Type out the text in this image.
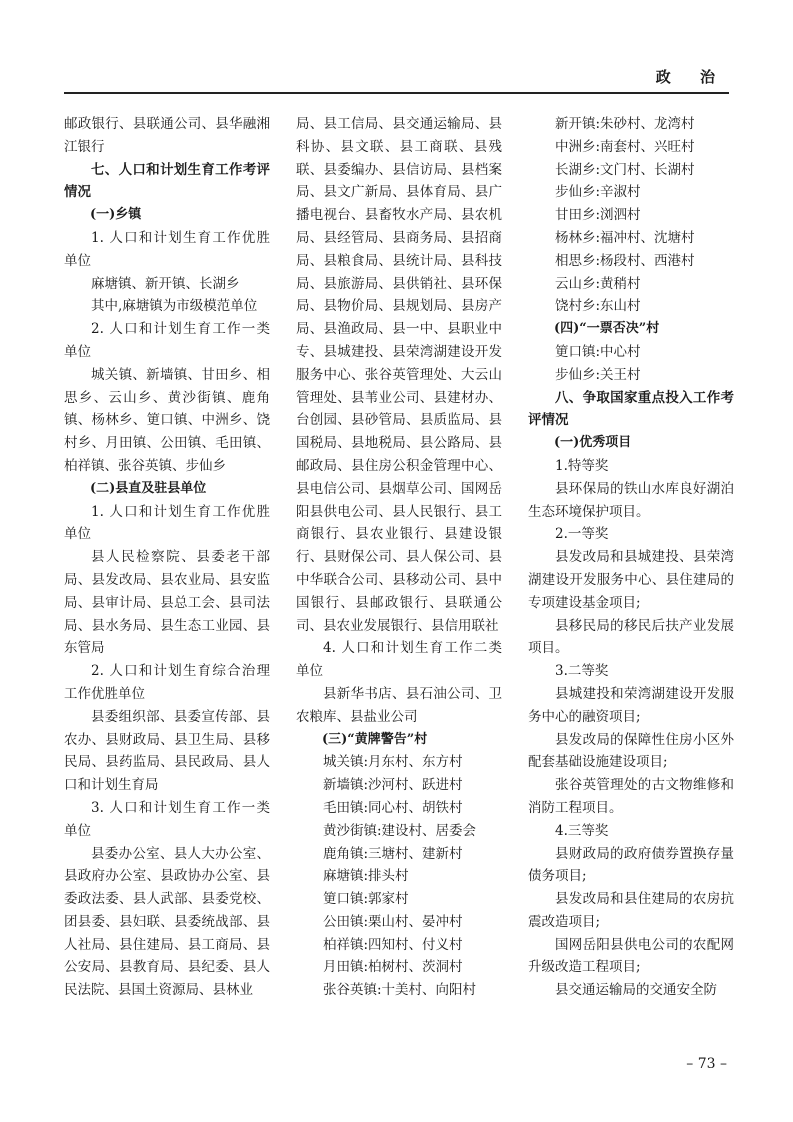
政 治

邮政银行、县联通公司、县华融湘江银行

七、人口和计划生育工作考评情况

(一)乡镇

1. 人口和计划生育工作优胜单位

麻塘镇、新开镇、长湖乡

其中,麻塘镇为市级模范单位

2. 人口和计划生育工作一类单位

城关镇、新墙镇、甘田乡、相思乡、云山乡、黄沙街镇、鹿角镇、杨林乡、筻口镇、中洲乡、饶村乡、月田镇、公田镇、毛田镇、柏祥镇、张谷英镇、步仙乡

(二)县直及驻县单位

1. 人口和计划生育工作优胜单位

县人民检察院、县委老干部局、县发改局、县农业局、县安监局、县审计局、县总工会、县司法局、县水务局、县生态工业园、县东管局

2. 人口和计划生育综合治理工作优胜单位

县委组织部、县委宣传部、县农办、县财政局、县卫生局、县移民局、县药监局、县民政局、县人口和计划生育局

3. 人口和计划生育工作一类单位

县委办公室、县人大办公室、县政府办公室、县政协办公室、县委政法委、县人武部、县委党校、团县委、县妇联、县委统战部、县人社局、县住建局、县工商局、县公安局、县教育局、县纪委、县人民法院、县国土资源局、县林业

局、县工信局、县交通运输局、县科协、县文联、县工商联、县残联、县委编办、县信访局、县档案局、县文广新局、县体育局、县广播电视台、县畜牧水产局、县农机局、县经管局、县商务局、县招商局、县粮食局、县统计局、县科技局、县旅游局、县供销社、县环保局、县物价局、县规划局、县房产局、县渔政局、县一中、县职业中专、县城建投、县荣湾湖建设开发服务中心、张谷英管理处、大云山管理处、县苇业公司、县建材办、台创园、县砂管局、县质监局、县国税局、县地税局、县公路局、县邮政局、县住房公积金管理中心、县电信公司、县烟草公司、国网岳阳县供电公司、县人民银行、县工商银行、县农业银行、县建设银行、县财保公司、县人保公司、县中华联合公司、县移动公司、县中国银行、县邮政银行、县联通公司、县农业发展银行、县信用联社

4. 人口和计划生育工作二类单位

县新华书店、县石油公司、卫农粮库、县盐业公司

(三)“黄牌警告”村

城关镇:月东村、东方村

新墙镇:沙河村、跃进村

毛田镇:同心村、胡铁村

黄沙街镇:建设村、居委会

鹿角镇:三塘村、建新村

麻塘镇:排头村

筻口镇:郭家村

公田镇:栗山村、晏冲村

柏祥镇:四知村、付义村

月田镇:柏树村、茨洞村

张谷英镇:十美村、向阳村

新开镇:朱砂村、龙湾村

中洲乡:南套村、兴旺村

长湖乡:文门村、长湖村

步仙乡:辛淑村

甘田乡:浏泗村

杨林乡:福冲村、沈塘村

相思乡:杨段村、西港村

云山乡:黄稍村

饶村乡:东山村

(四)“一票否决”村

筻口镇:中心村

步仙乡:关王村

八、争取国家重点投入工作考评情况

(一)优秀项目

1.特等奖

县环保局的铁山水库良好湖泊生态环境保护项目。

2.一等奖

县发改局和县城建投、县荣湾湖建设开发服务中心、县住建局的专项建设基金项目;

县移民局的移民后扶产业发展项目。

3.二等奖

县城建投和荣湾湖建设开发服务中心的融资项目;

县发改局的保障性住房小区外配套基础设施建设项目;

张谷英管理处的古文物维修和消防工程项目。

4.三等奖

县财政局的政府债券置换存量债务项目;

县发改局和县住建局的农房抗震改造项目;

国网岳阳县供电公司的农配网升级改造工程项目;

县交通运输局的交通安全防

– 73 –
